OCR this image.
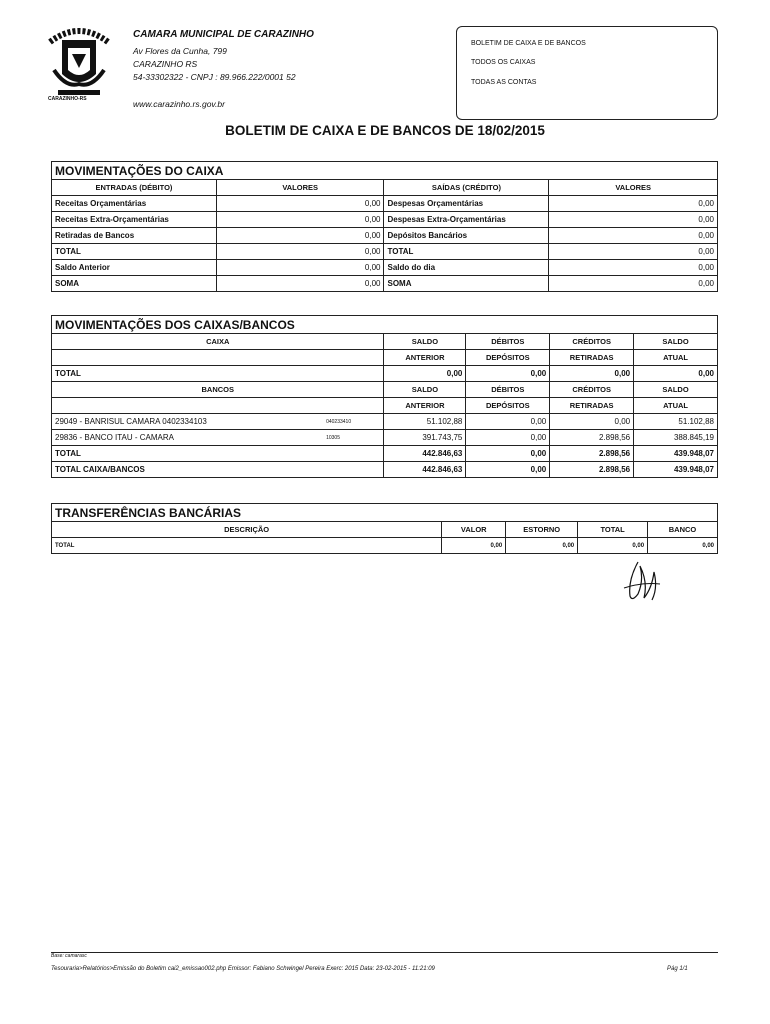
CARAZINHO-RS
CAMARA MUNICIPAL DE CARAZINHO
Av Flores da Cunha, 799
CARAZINHO RS
54-33302322 - CNPJ : 89.966.222/0001 52
www.carazinho.rs.gov.br
BOLETIM DE CAIXA E DE BANCOS
TODOS OS CAIXAS
TODAS AS CONTAS
BOLETIM DE CAIXA E DE BANCOS DE 18/02/2015
MOVIMENTAÇÕES DO CAIXA			
ENTRADAS (DÉBITO)	VALORES	SAÍDAS (CRÉDITO)	VALORES
Receitas Orçamentárias	0,00	Despesas Orçamentárias	0,00
Receitas Extra-Orçamentárias	0,00	Despesas Extra-Orçamentárias	0,00
Retiradas de Bancos	0,00	Depósitos Bancários	0,00
TOTAL	0,00	TOTAL	0,00
Saldo Anterior	0,00	Saldo do dia	0,00
SOMA	0,00	SOMA	0,00
MOVIMENTAÇÕES DOS CAIXAS/BANCOS					
CAIXA		SALDO	DÉBITOS	CRÉDITOS	SALDO
		ANTERIOR	DEPÓSITOS	RETIRADAS	ATUAL
TOTAL		0,00	0,00	0,00	0,00
BANCOS		SALDO	DÉBITOS	CRÉDITOS	SALDO
		ANTERIOR	DEPÓSITOS	RETIRADAS	ATUAL
29049 - BANRISUL CAMARA 0402334103	040233410	51.102,88	0,00	0,00	51.102,88
29836 - BANCO ITAU - CAMARA	10305	391.743,75	0,00	2.898,56	388.845,19
TOTAL		442.846,63	0,00	2.898,56	439.948,07
TOTAL CAIXA/BANCOS		442.846,63	0,00	2.898,56	439.948,07
TRANSFERÊNCIAS BANCÁRIAS				
DESCRIÇÃO	VALOR	ESTORNO	TOTAL	BANCO
TOTAL	0,00	0,00	0,00	0,00
Base: camarasc
Tesouraria>Relatórios>Emissão do Boletim cai2_emissao002.php Emissor: Fabiano Schwingel Pereira Exerc: 2015 Data: 23-02-2015 - 11:21:09	Pág 1/1
